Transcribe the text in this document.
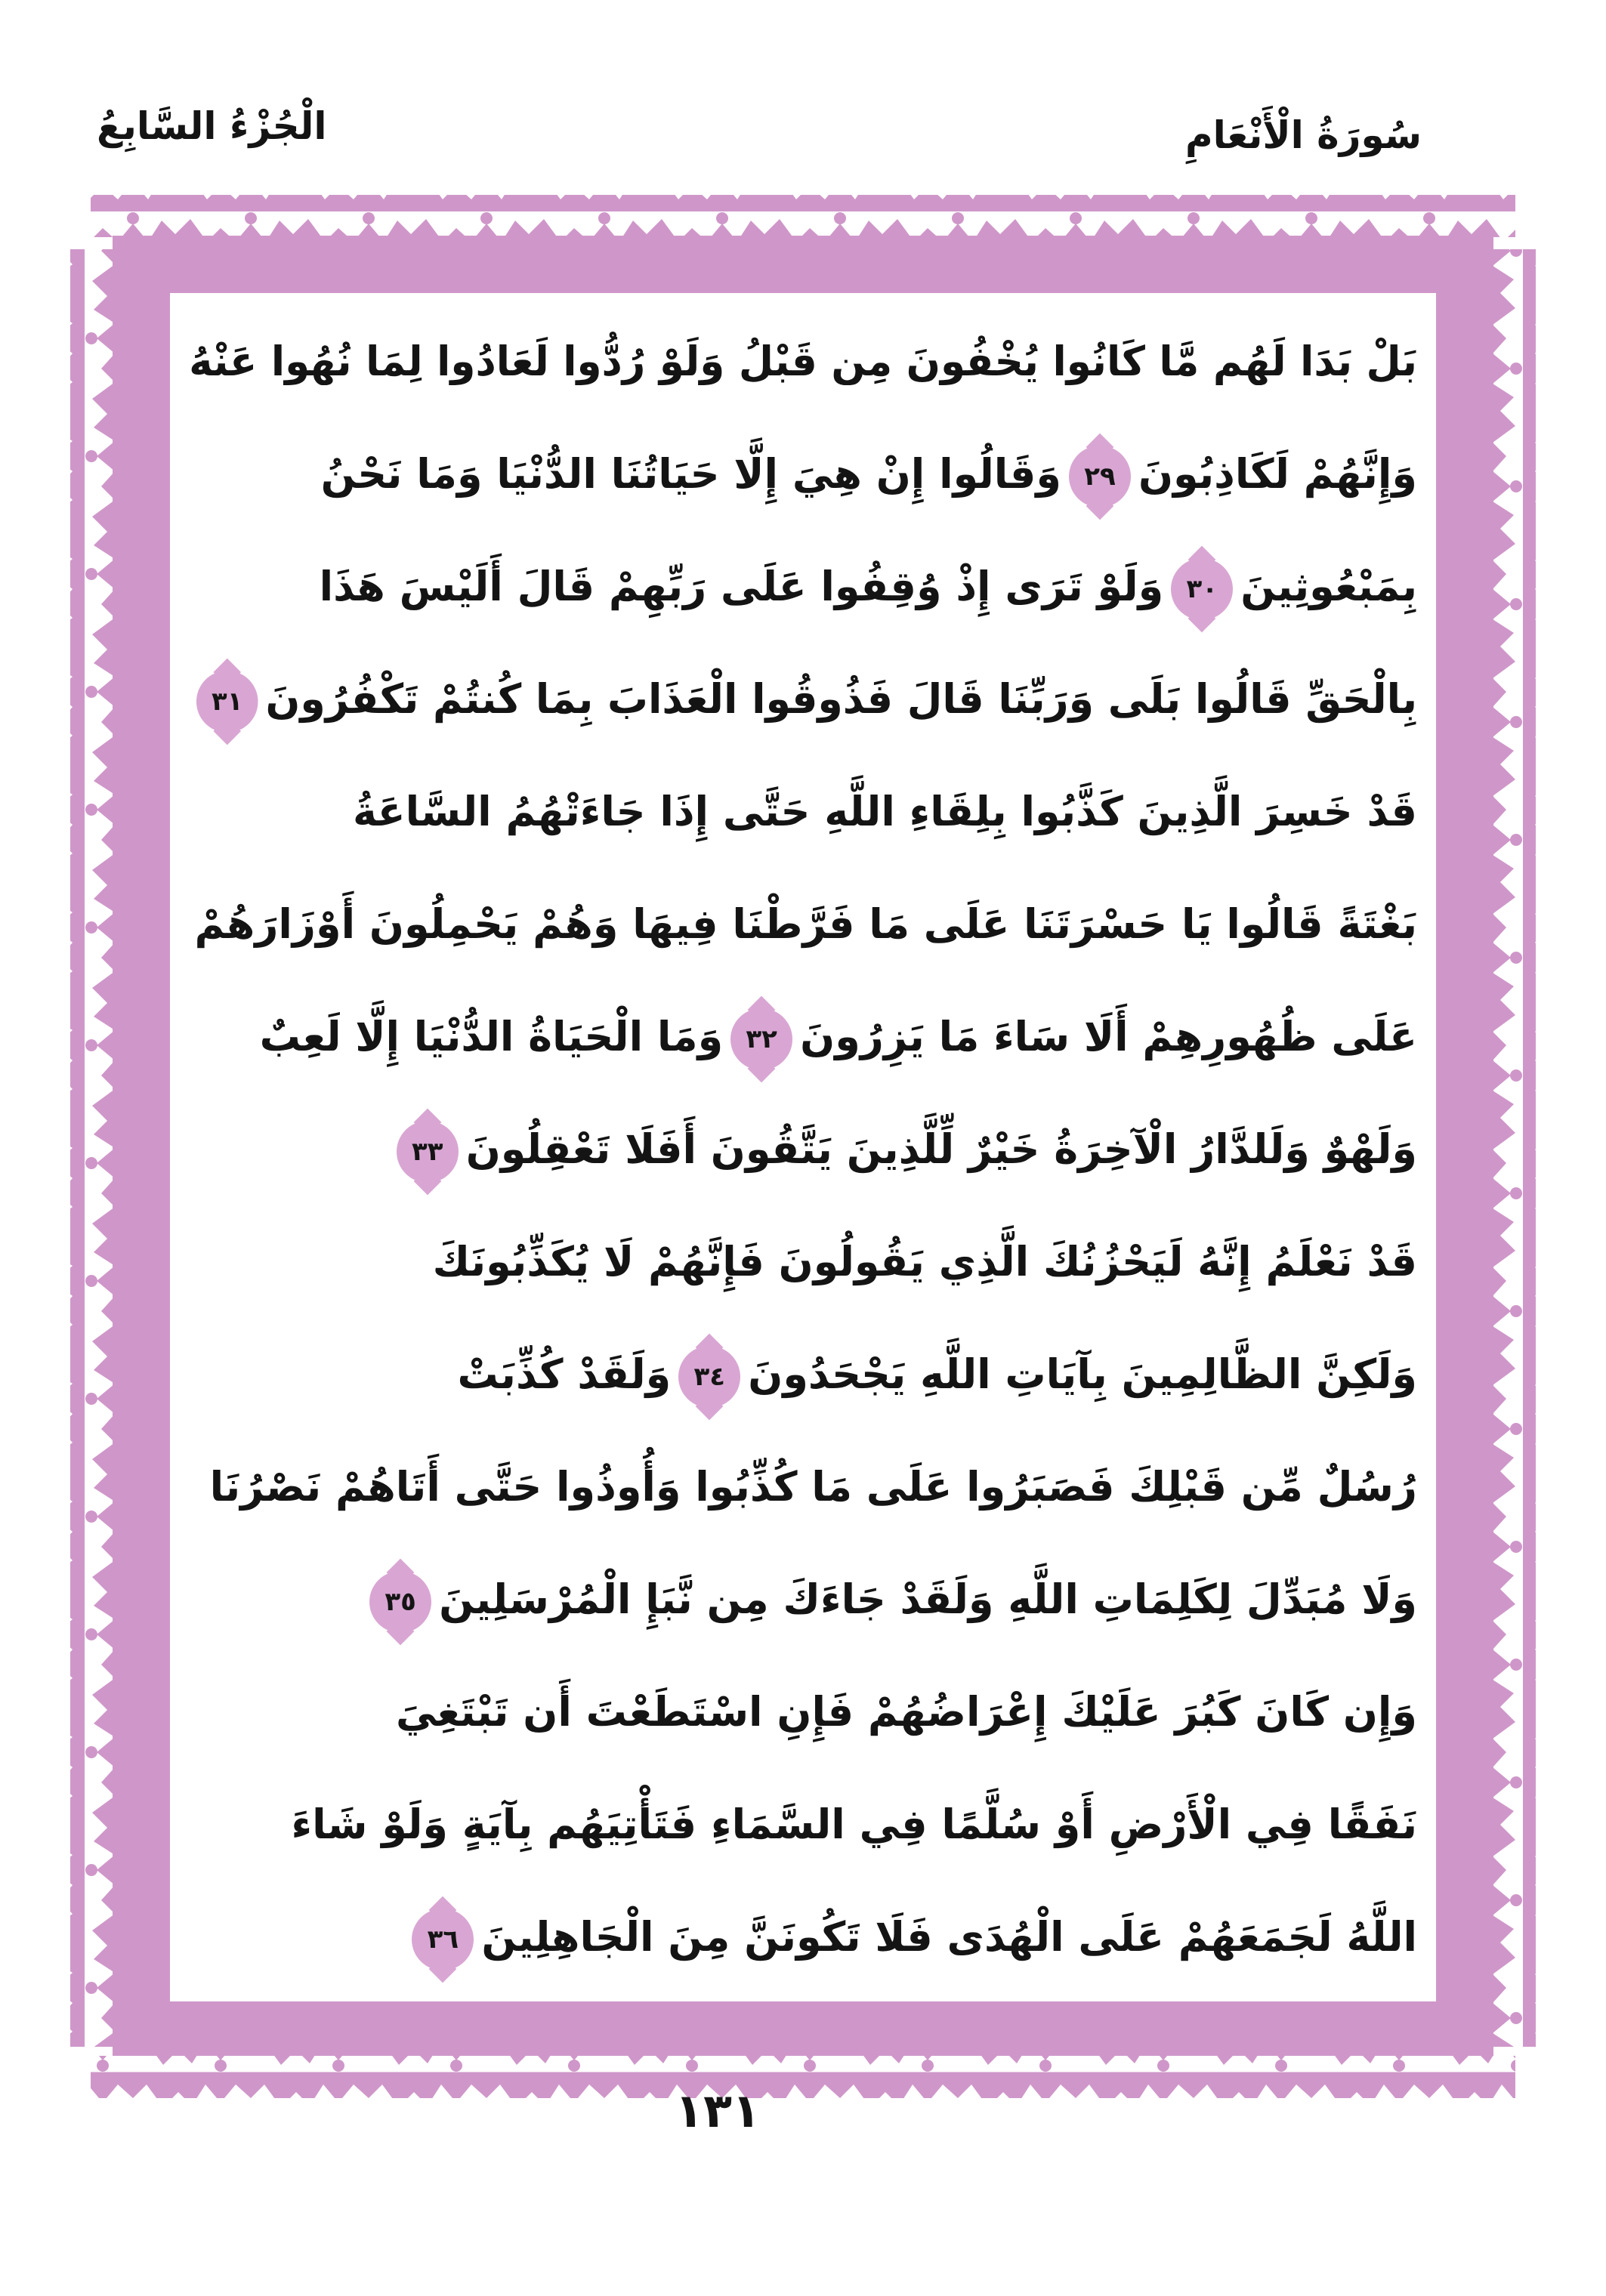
الْجُزْءُ السَّابِعُ	سُورَةُ الْأَنْعَامِ
بَلْ بَدَا لَهُم مَّا كَانُوا يُخْفُونَ مِن قَبْلُ وَلَوْ رُدُّوا لَعَادُوا لِمَا نُهُوا عَنْهُ
وَإِنَّهُمْ لَكَاذِبُونَ٢٩وَقَالُوا إِنْ هِيَ إِلَّا حَيَاتُنَا الدُّنْيَا وَمَا نَحْنُ
بِمَبْعُوثِينَ٣٠وَلَوْ تَرَى إِذْ وُقِفُوا عَلَى رَبِّهِمْ قَالَ أَلَيْسَ هَذَا
بِالْحَقِّ قَالُوا بَلَى وَرَبِّنَا قَالَ فَذُوقُوا الْعَذَابَ بِمَا كُنتُمْ تَكْفُرُونَ٣١
قَدْ خَسِرَ الَّذِينَ كَذَّبُوا بِلِقَاءِ اللَّهِ حَتَّى إِذَا جَاءَتْهُمُ السَّاعَةُ
بَغْتَةً قَالُوا يَا حَسْرَتَنَا عَلَى مَا فَرَّطْنَا فِيهَا وَهُمْ يَحْمِلُونَ أَوْزَارَهُمْ
عَلَى ظُهُورِهِمْ أَلَا سَاءَ مَا يَزِرُونَ٣٢وَمَا الْحَيَاةُ الدُّنْيَا إِلَّا لَعِبٌ
وَلَهْوٌ وَلَلدَّارُ الْآخِرَةُ خَيْرٌ لِّلَّذِينَ يَتَّقُونَ أَفَلَا تَعْقِلُونَ٣٣
قَدْ نَعْلَمُ إِنَّهُ لَيَحْزُنُكَ الَّذِي يَقُولُونَ فَإِنَّهُمْ لَا يُكَذِّبُونَكَ
وَلَكِنَّ الظَّالِمِينَ بِآيَاتِ اللَّهِ يَجْحَدُونَ٣٤وَلَقَدْ كُذِّبَتْ
رُسُلٌ مِّن قَبْلِكَ فَصَبَرُوا عَلَى مَا كُذِّبُوا وَأُوذُوا حَتَّى أَتَاهُمْ نَصْرُنَا
وَلَا مُبَدِّلَ لِكَلِمَاتِ اللَّهِ وَلَقَدْ جَاءَكَ مِن نَّبَإِ الْمُرْسَلِينَ٣٥
وَإِن كَانَ كَبُرَ عَلَيْكَ إِعْرَاضُهُمْ فَإِنِ اسْتَطَعْتَ أَن تَبْتَغِيَ
نَفَقًا فِي الْأَرْضِ أَوْ سُلَّمًا فِي السَّمَاءِ فَتَأْتِيَهُم بِآيَةٍ وَلَوْ شَاءَ
اللَّهُ لَجَمَعَهُمْ عَلَى الْهُدَى فَلَا تَكُونَنَّ مِنَ الْجَاهِلِينَ٣٦
١٣١
